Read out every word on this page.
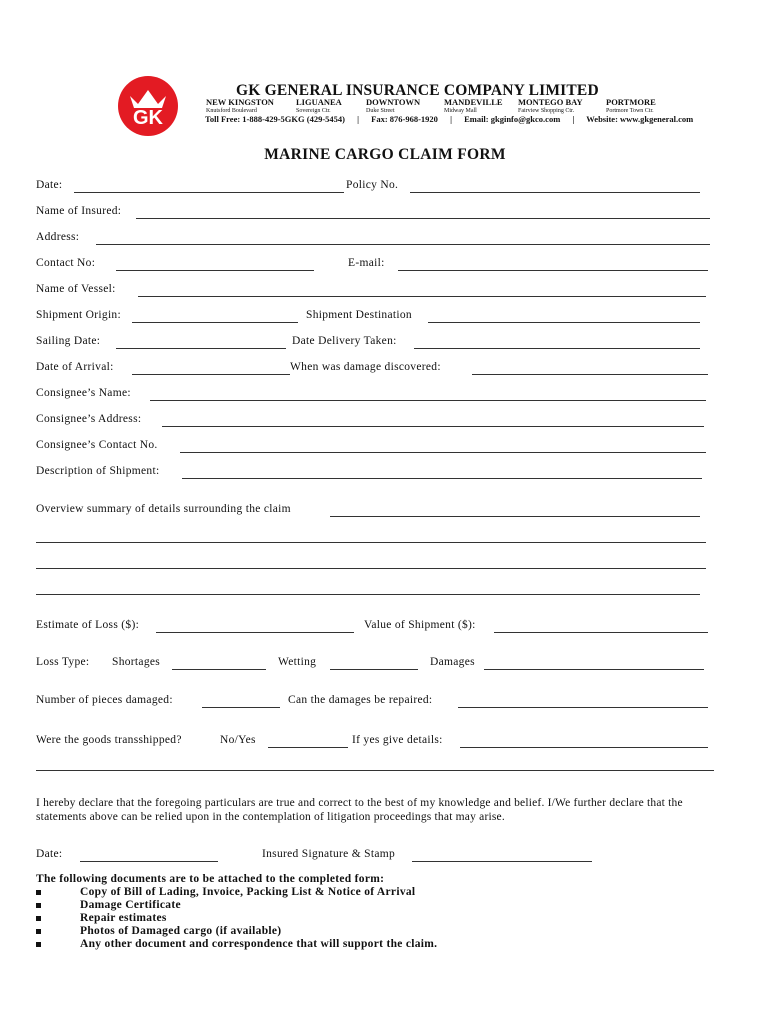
GK
GK GENERAL INSURANCE COMPANY LIMITED
NEW KINGSTON
Knutsford Boulevard
LIGUANEA
Sovereign Ctr.
DOWNTOWN
Duke Street
MANDEVILLE
Midway Mall
MONTEGO BAY
Fairview Shopping Ctr.
PORTMORE
Portmore Town Ctr.
Toll Free: 1-888-429-5GKG (429-5454) | Fax: 876-968-1920 | Email: gkginfo@gkco.com | Website: www.gkgeneral.com
MARINE CARGO CLAIM FORM
Date:	Policy No.
Name of Insured:
Address:
Contact No:	E-mail:
Name of Vessel:
Shipment Origin:	Shipment Destination
Sailing Date:	Date Delivery Taken:
Date of Arrival:	When was damage discovered:
Consignee’s Name:
Consignee’s Address:
Consignee’s Contact No.
Description of Shipment:
Overview summary of details surrounding the claim
Estimate of Loss ($):	Value of Shipment ($):
Loss Type: Shortages	Wetting	Damages
Number of pieces damaged:	Can the damages be repaired:
Were the goods transshipped?	No/Yes	If yes give details:
I hereby declare that the foregoing particulars are true and correct to the best of my knowledge and belief. I/We further declare that the statements above can be relied upon in the contemplation of litigation proceedings that may arise.
Date:	Insured Signature & Stamp
The following documents are to be attached to the completed form:
Copy of Bill of Lading, Invoice, Packing List & Notice of Arrival
Damage Certificate
Repair estimates
Photos of Damaged cargo (if available)
Any other document and correspondence that will support the claim.
